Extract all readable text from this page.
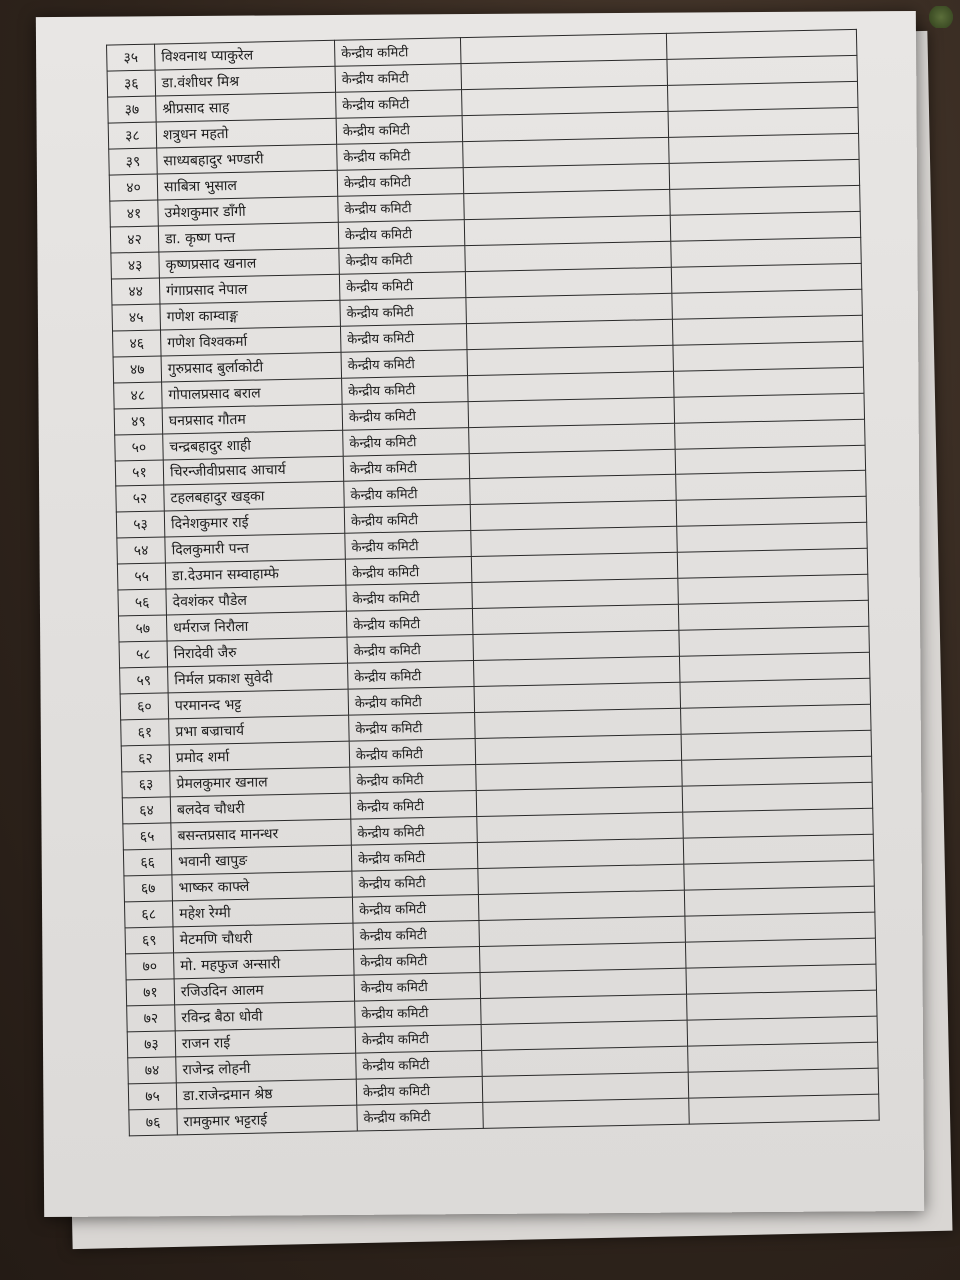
३५	विश्वनाथ प्याकुरेल	केन्द्रीय कमिटी		
३६	डा.वंशीधर मिश्र	केन्द्रीय कमिटी		
३७	श्रीप्रसाद साह	केन्द्रीय कमिटी		
३८	शत्रुधन महतो	केन्द्रीय कमिटी		
३९	साध्यबहादुर भण्डारी	केन्द्रीय कमिटी		
४०	साबित्रा भुसाल	केन्द्रीय कमिटी		
४१	उमेशकुमार डाँगी	केन्द्रीय कमिटी		
४२	डा. कृष्ण पन्त	केन्द्रीय कमिटी		
४३	कृष्णप्रसाद खनाल	केन्द्रीय कमिटी		
४४	गंगाप्रसाद नेपाल	केन्द्रीय कमिटी		
४५	गणेश काम्वाङ्ग	केन्द्रीय कमिटी		
४६	गणेश विश्वकर्मा	केन्द्रीय कमिटी		
४७	गुरुप्रसाद बुर्लाकोटी	केन्द्रीय कमिटी		
४८	गोपालप्रसाद बराल	केन्द्रीय कमिटी		
४९	घनप्रसाद गौतम	केन्द्रीय कमिटी		
५०	चन्द्रबहादुर शाही	केन्द्रीय कमिटी		
५१	चिरन्जीवीप्रसाद आचार्य	केन्द्रीय कमिटी		
५२	टहलबहादुर खड्का	केन्द्रीय कमिटी		
५३	दिनेशकुमार राई	केन्द्रीय कमिटी		
५४	दिलकुमारी पन्त	केन्द्रीय कमिटी		
५५	डा.देउमान सम्वाहाम्फे	केन्द्रीय कमिटी		
५६	देवशंकर पौडेल	केन्द्रीय कमिटी		
५७	धर्मराज निरौला	केन्द्रीय कमिटी		
५८	निरादेवी जैरु	केन्द्रीय कमिटी		
५९	निर्मल प्रकाश सुवेदी	केन्द्रीय कमिटी		
६०	परमानन्द भट्ट	केन्द्रीय कमिटी		
६१	प्रभा बज्राचार्य	केन्द्रीय कमिटी		
६२	प्रमोद शर्मा	केन्द्रीय कमिटी		
६३	प्रेमलकुमार खनाल	केन्द्रीय कमिटी		
६४	बलदेव चौधरी	केन्द्रीय कमिटी		
६५	बसन्तप्रसाद मानन्धर	केन्द्रीय कमिटी		
६६	भवानी खापुङ	केन्द्रीय कमिटी		
६७	भाष्कर काफ्ले	केन्द्रीय कमिटी		
६८	महेश रेग्मी	केन्द्रीय कमिटी		
६९	मेटमणि चौधरी	केन्द्रीय कमिटी		
७०	मो. महफुज अन्सारी	केन्द्रीय कमिटी		
७१	रजिउदिन आलम	केन्द्रीय कमिटी		
७२	रविन्द्र बैठा धोवी	केन्द्रीय कमिटी		
७३	राजन राई	केन्द्रीय कमिटी		
७४	राजेन्द्र लोहनी	केन्द्रीय कमिटी		
७५	डा.राजेन्द्रमान श्रेष्ठ	केन्द्रीय कमिटी		
७६	रामकुमार भट्टराई	केन्द्रीय कमिटी		
